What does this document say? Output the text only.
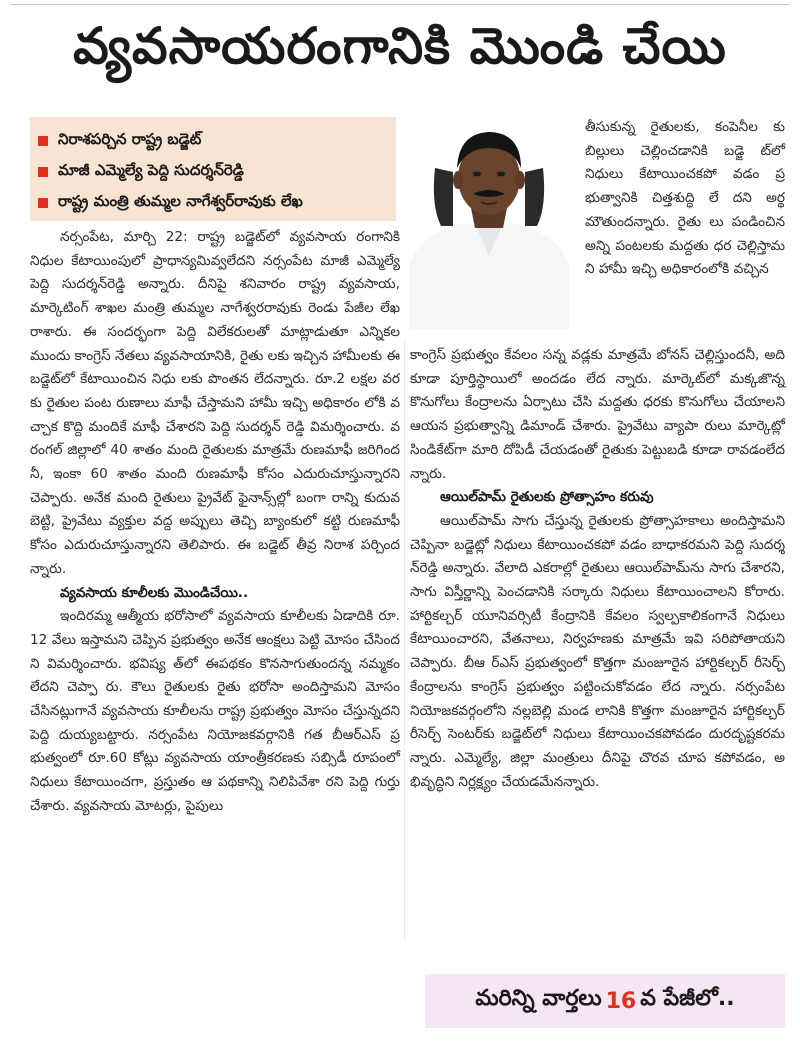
వ్యవసాయరంగానికి మొండి చేయి
నిరాశపర్చిన రాష్ట్ర బడ్జెట్
మాజీ ఎమ్మెల్యే పెద్ది సుదర్శన్‌రెడ్డి
రాష్ట్ర మంత్రి తుమ్మల నాగేశ్వర్‌రావుకు లేఖ

నర్సంపేట, మార్చి 22: రాష్ట్ర బడ్జెట్‌లో వ్యవసాయ రంగానికి నిధుల కేటాయింపులో ప్రాధాన్యమివ్వలేదని నర్సంపేట మాజీ ఎమ్మెల్యే పెద్ది సుదర్శన్‌రెడ్డి అన్నారు. దీనిపై శనివారం రాష్ట్ర వ్యవసాయ, మార్కెటింగ్ శాఖల మంత్రి తుమ్మల నాగేశ్వరరావుకు రెండు పేజీల లేఖ రాశారు. ఈ సందర్భంగా పెద్ది విలేకరులతో మాట్లాడుతూ ఎన్నికల ముందు కాంగ్రెస్ నేతలు వ్యవసాయానికి, రైతు లకు ఇచ్చిన హామీలకు ఈ బడ్జెట్‌లో కేటాయించిన నిధు లకు పొంతన లేదన్నారు. రూ.2 లక్షల వరకు రైతుల పంట రుణాలు మాఫీ చేస్తామని హామీ ఇచ్చి అధికారం లోకి వచ్చాక కొద్ది మందికే మాఫీ చేశారని పెద్ది సుదర్శన్ రెడ్డి విమర్శించారు. వరంగల్ జిల్లాలో 40 శాతం మంది రైతులకు మాత్రమే రుణమాఫీ జరిగిందనీ, ఇంకా 60 శాతం మంది రుణమాఫీ కోసం ఎదురుచూస్తున్నారని చెప్పారు. అనేక మంది రైతులు ప్రైవేట్ ఫైనాన్స్‌ల్లో బంగా రాన్ని కుదువబెట్టి, ప్రైవేటు వ్యక్తుల వద్ద అప్పులు తెచ్చి బ్యాంకులో కట్టి రుణమాఫీ కోసం ఎదురుచూస్తున్నారని తెలిపారు. ఈ బడ్జెట్ తీవ్ర నిరాశ పర్చిందన్నారు.

వ్యవసాయ కూలీలకు మొండిచేయి..

ఇందిరమ్మ ఆత్మీయ భరోసాలో వ్యవసాయ కూలీలకు ఏడాదికి రూ.12 వేలు ఇస్తామని చెప్పిన ప్రభుత్వం అనేక ఆంక్షలు పెట్టి మోసం చేసిందని విమర్శించారు. భవిష్య త్‌లో ఈపథకం కొనసాగుతుందన్న నమ్మకం లేదని చెప్పా రు. కౌలు రైతులకు రైతు భరోసా అందిస్తామని మోసం చేసినట్లుగానే వ్యవసాయ కూలీలను రాష్ట్ర ప్రభుత్వం మోసం చేస్తున్నదని పెద్ది దుయ్యబట్టారు. నర్సంపేట నియోజకవర్గానికి గత బీఆర్ఎస్ ప్రభుత్వంలో రూ.60 కోట్లు వ్యవసాయ యాంత్రీకరణకు సబ్సిడీ రూపంలో నిధులు కేటాయించగా, ప్రస్తుతం ఆ పథకాన్ని నిలిపివేశా రని పెద్ది గుర్తు చేశారు. వ్యవసాయ మోటర్లు, పైపులు

తీసుకున్న రైతులకు, కంపెనీల కు బిల్లులు చెల్లించడానికి బడ్జె ట్‌లో నిధులు కేటాయించకపో వడం ప్రభుత్వానికి చిత్తశుద్ధి లే దని అర్థమౌతుందన్నారు. రైతు లు పండించిన అన్ని పంటలకు మద్దతు ధర చెల్లిస్తామని హామీ ఇచ్చి అధికారంలోకి వచ్చిన

కాంగ్రెస్ ప్రభుత్వం కేవలం సన్న వడ్లకు మాత్రమే బోనస్ చెల్లిస్తుందనీ, అది కూడా పూర్తిస్థాయిలో అందడం లేద న్నారు. మార్కెట్‌లో మక్కజొన్న కొనుగోలు కేంద్రాలను ఏర్పాటు చేసి మద్దతు ధరకు కొనుగోలు చేయాలని ఆయన ప్రభుత్వాన్ని డిమాండ్ చేశారు. ప్రైవేటు వ్యాపా రులు మార్కెట్లో సిండికేట్‌గా మారి దోపిడీ చేయడంతో రైతుకు పెట్టుబడి కూడా రావడంలేదన్నారు.

ఆయిల్‌పామ్ రైతులకు ప్రోత్సాహం కరువు

ఆయిల్‌పామ్ సాగు చేస్తున్న రైతులకు ప్రోత్సాహకాలు అందిస్తామని చెప్పినా బడ్జెట్లో నిధులు కేటాయించకపో వడం బాధాకరమని పెద్ది సుదర్శన్‌రెడ్డి అన్నారు. వేలాది ఎకరాల్లో రైతులు ఆయిల్‌పామ్‌ను సాగు చేశారని, సాగు విస్తీర్ణాన్ని పెంచడానికి సర్కారు నిధులు కేటాయించాలని కోరారు. హార్టికల్చర్ యూనివర్సిటీ కేంద్రానికి కేవలం స్వల్పకాలికంగానే నిధులు కేటాయించారని, వేతనాలు, నిర్వహణకు మాత్రమే ఇవి సరిపోతాయని చెప్పారు. బీఆ ర్ఎస్ ప్రభుత్వంలో కొత్తగా మంజూరైన హార్టికల్చర్ రీసెర్చ్ కేంద్రాలను కాంగ్రెస్ ప్రభుత్వం పట్టించుకోవడం లేద న్నారు. నర్సంపేట నియోజకవర్గంలోని నల్లబెల్లి మండ లానికి కొత్తగా మంజూరైన హార్టికల్చర్ రీసెర్చ్ సెంటర్‌కు బడ్జెట్‌లో నిధులు కేటాయించకపోవడం దురదృష్టకరమ న్నారు. ఎమ్మెల్యే, జిల్లా మంత్రులు దీనిపై చొరవ చూప కపోవడం, అభివృద్ధిని నిర్లక్ష్యం చేయడమేనన్నారు.

మరిన్ని వార్తలు 16 వ పేజీలో..
